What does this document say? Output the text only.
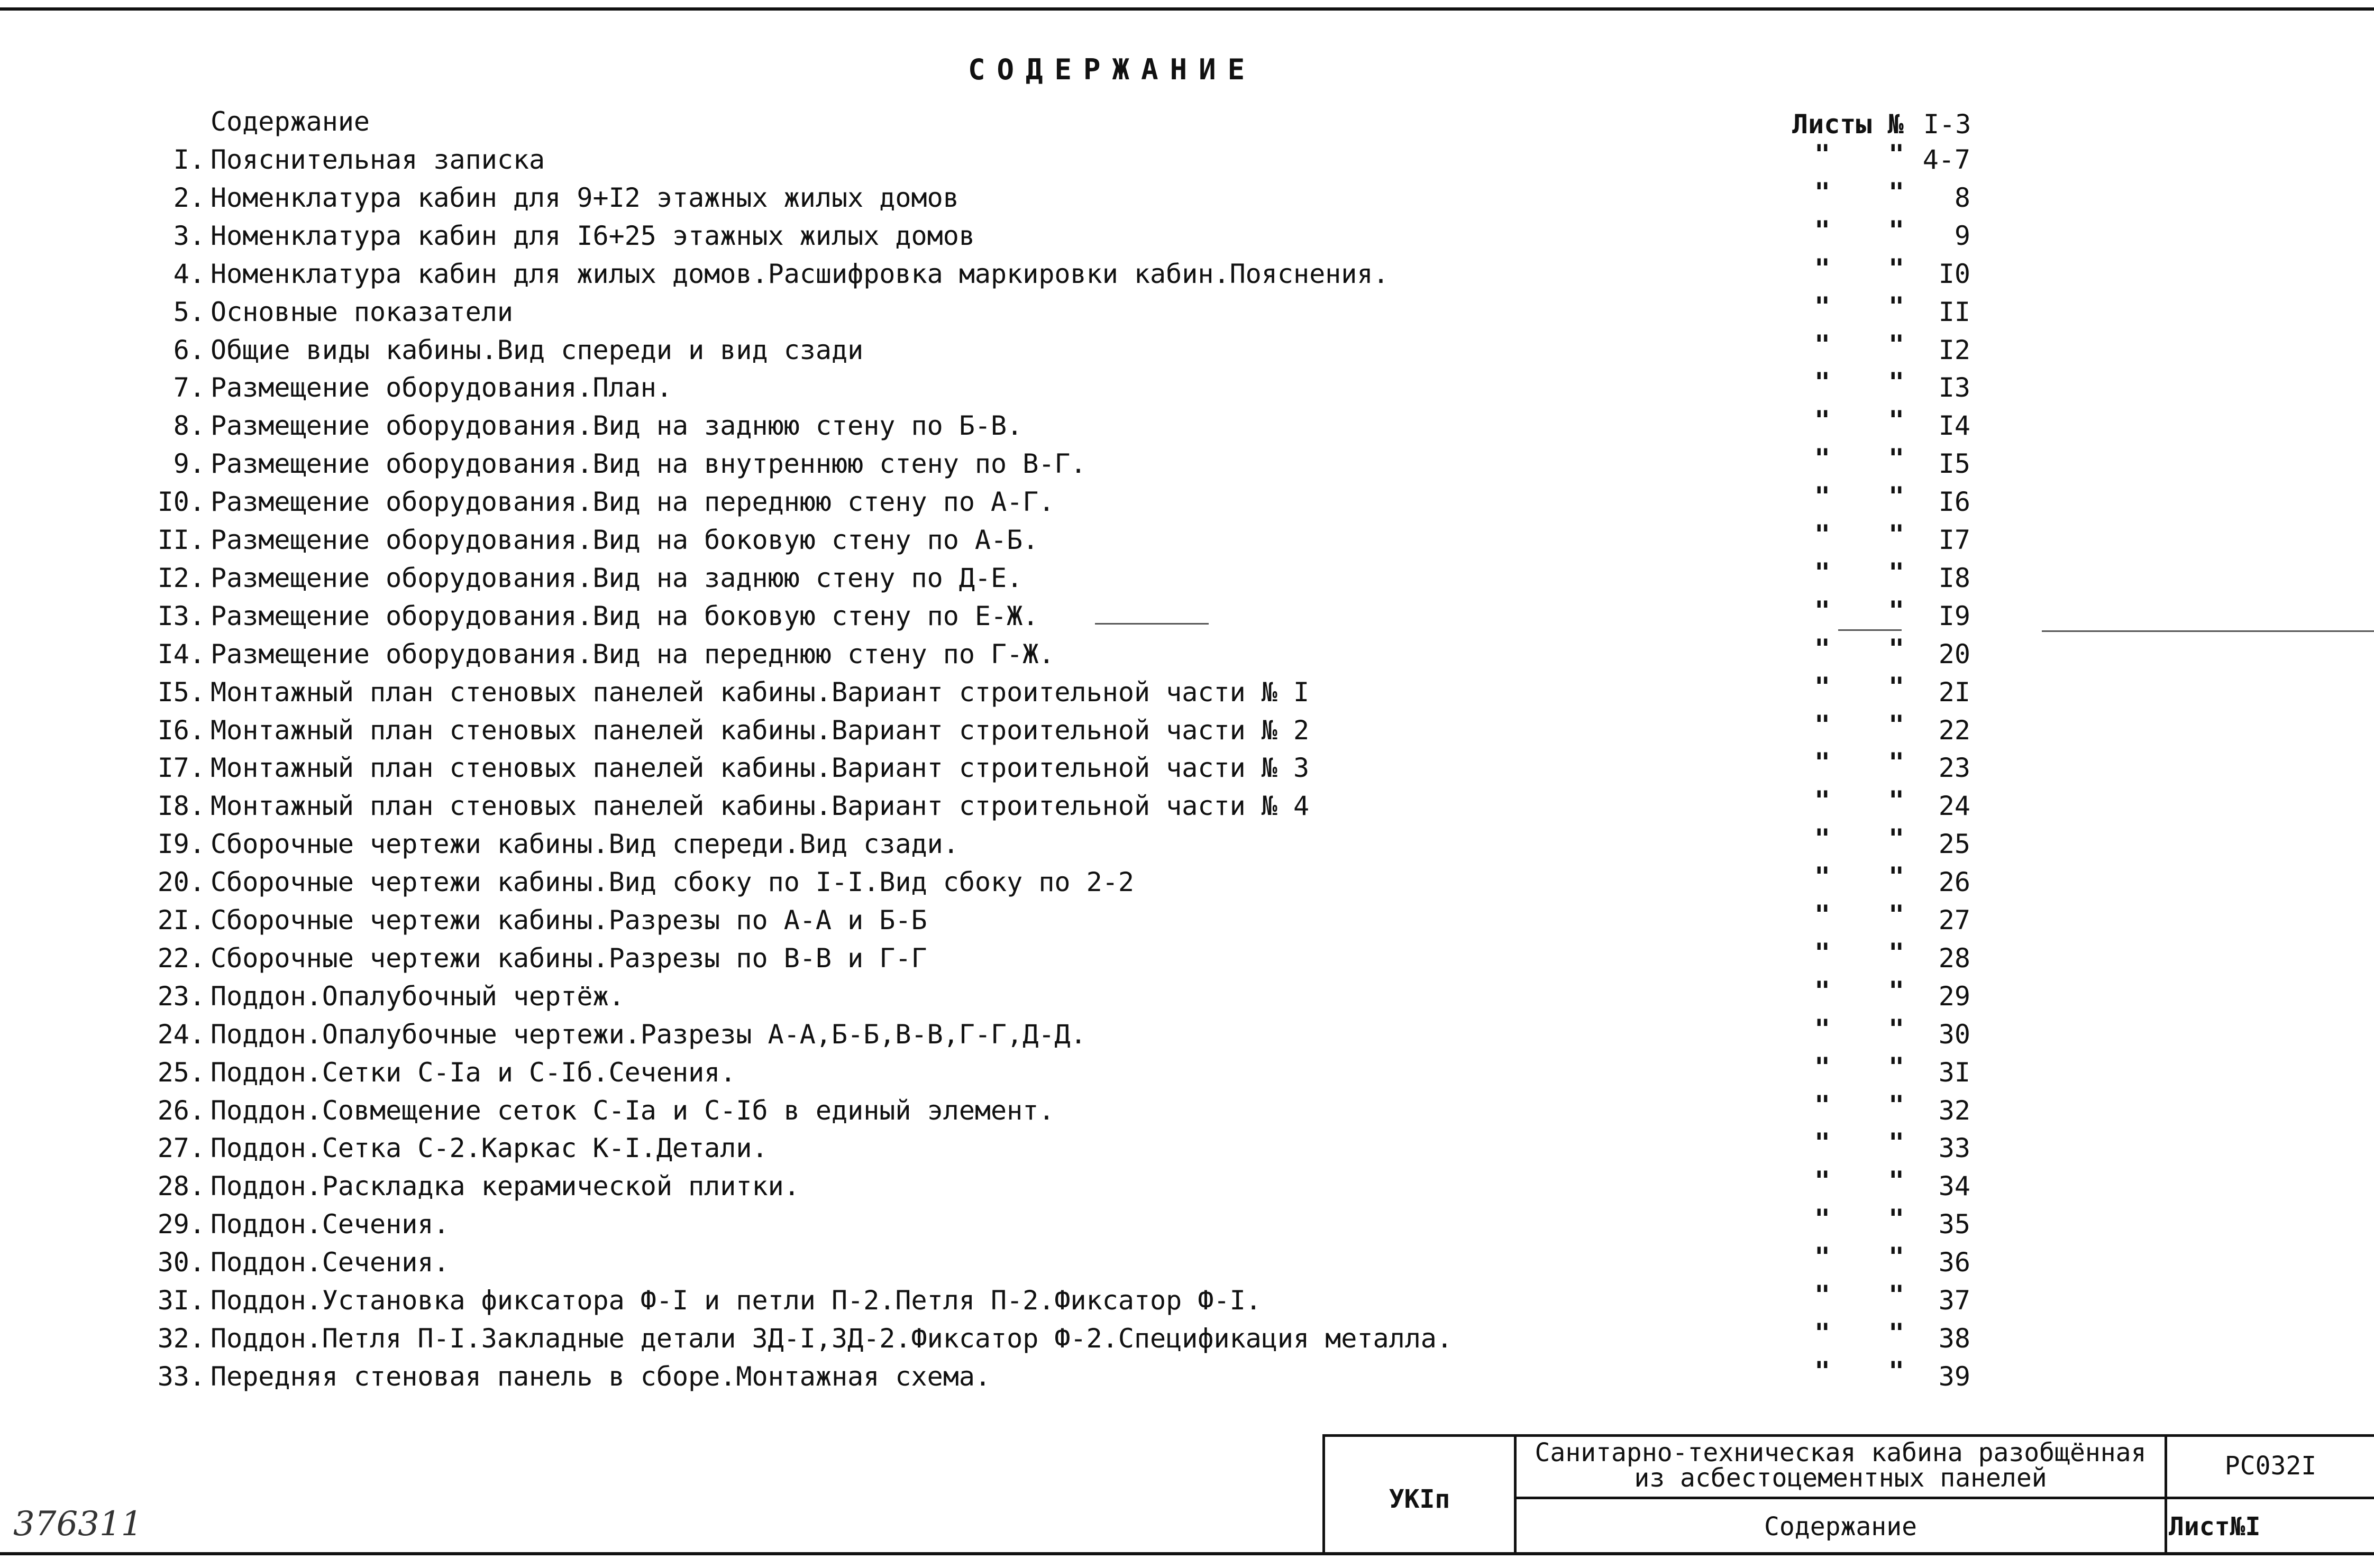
СОДЕРЖАНИЕ
Содержание	Листы № I-3
I. Пояснительная записка	" " 4-7
2. Номенклатура кабин для 9+I2 этажных жилых домов	" "	8
3. Номенклатура кабин для I6+25 этажных жилых домов	" "	9
4. Номенклатура кабин для жилых домов.Расшифровка маркировки кабин.Пояснения.	" "	I0
5. Основные показатели	" "	II
6. Общие виды кабины.Вид спереди и вид сзади	" "	I2
7. Размещение оборудования.План.	" "	I3
8. Размещение оборудования.Вид на заднюю стену по Б-В.	" "	I4
9. Размещение оборудования.Вид на внутреннюю стену по В-Г.	" "	I5
I0. Размещение оборудования.Вид на переднюю стену по А-Г.	" "	I6
II. Размещение оборудования.Вид на боковую стену по А-Б.	" "	I7
I2. Размещение оборудования.Вид на заднюю стену по Д-Е.	" "	I8
I3. Размещение оборудования.Вид на боковую стену по Е-Ж.	" "	I9
I4. Размещение оборудования.Вид на переднюю стену по Г-Ж.	" "	20
I5. Монтажный план стеновых панелей кабины.Вариант строительной части № I	" "	2I
I6. Монтажный план стеновых панелей кабины.Вариант строительной части № 2	" "	22
I7. Монтажный план стеновых панелей кабины.Вариант строительной части № 3	" "	23
I8. Монтажный план стеновых панелей кабины.Вариант строительной части № 4	" "	24
I9. Сборочные чертежи кабины.Вид спереди.Вид сзади.	" "	25
20. Сборочные чертежи кабины.Вид сбоку по I-I.Вид сбоку по 2-2	" "	26
2I. Сборочные чертежи кабины.Разрезы по А-А и Б-Б	" "	27
22. Сборочные чертежи кабины.Разрезы по В-В и Г-Г	" "	28
23. Поддон.Опалубочный чертёж.	" "	29
24. Поддон.Опалубочные чертежи.Разрезы А-А,Б-Б,В-В,Г-Г,Д-Д.	" "	30
25. Поддон.Сетки С-Iа и С-Iб.Сечения.	" "	3I
26. Поддон.Совмещение сеток С-Iа и С-Iб в единый элемент.	" "	32
27. Поддон.Сетка С-2.Каркас К-I.Детали.	" "	33
28. Поддон.Раскладка керамической плитки.	" "	34
29. Поддон.Сечения.	" "	35
30. Поддон.Сечения.	" "	36
3I. Поддон.Установка фиксатора Ф-I и петли П-2.Петля П-2.Фиксатор Ф-I.	" "	37
32. Поддон.Петля П-I.Закладные детали ЗД-I,ЗД-2.Фиксатор Ф-2.Спецификация металла.	" "	38
33. Передняя стеновая панель в сборе.Монтажная схема.	" "	39
УКIп
Санитарно-техническая кабина разобщённая
из асбестоцементных панелей	РС032I
Содержание	Лист№I
376311
